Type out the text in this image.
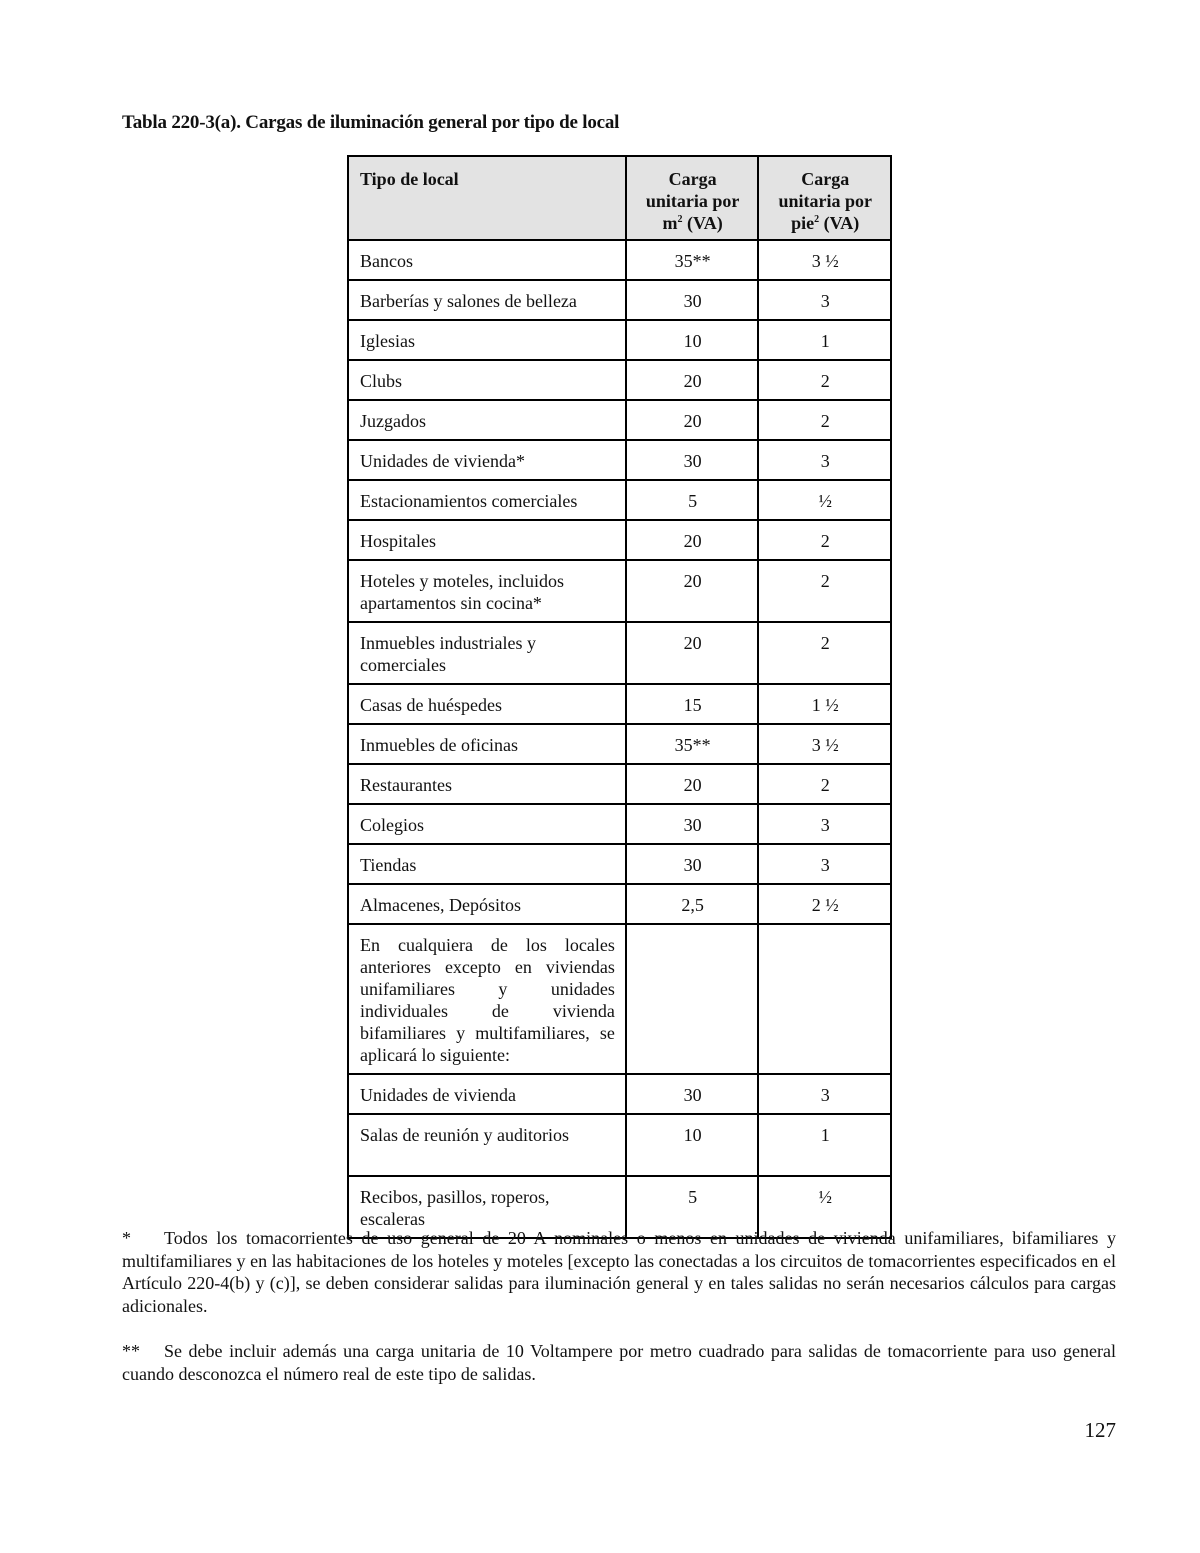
Tabla 220-3(a). Cargas de iluminación general por tipo de local
Tipo de local	Carga unitaria por $m^2$ (VA)	Carga unitaria por pie$^2$ (VA)
Bancos	35**	3 ½
Barberías y salones de belleza	30	3
Iglesias	10	1
Clubs	20	2
Juzgados	20	2
Unidades de vivienda*	30	3
Estacionamientos comerciales	5	½
Hospitales	20	2
Hoteles y moteles, incluidos apartamentos sin cocina*	20	2
Inmuebles industriales y comerciales	20	2
Casas de huéspedes	15	1 ½
Inmuebles de oficinas	35**	3 ½
Restaurantes	20	2
Colegios	30	3
Tiendas	30	3
Almacenes, Depósitos	2,5	2 ½
En cualquiera de los locales anteriores excepto en viviendas unifamiliares y unidades individuales de vivienda bifamiliares y multifamiliares, se aplicará lo siguiente:		
Unidades de vivienda	30	3
Salas de reunión y auditorios	10	1
Recibos, pasillos, roperos, escaleras	5	½
* Todos los tomacorrientes de uso general de 20 A nominales o menos en unidades de vivienda unifamiliares, bifamiliares y multifamiliares y en las habitaciones de los hoteles y moteles [excepto las conectadas a los circuitos de tomacorrientes especificados en el Artículo 220-4(b) y (c)], se deben considerar salidas para iluminación general y en tales salidas no serán necesarios cálculos para cargas adicionales.
** Se debe incluir además una carga unitaria de 10 Voltampere por metro cuadrado para salidas de tomacorriente para uso general cuando desconozca el número real de este tipo de salidas.
127
